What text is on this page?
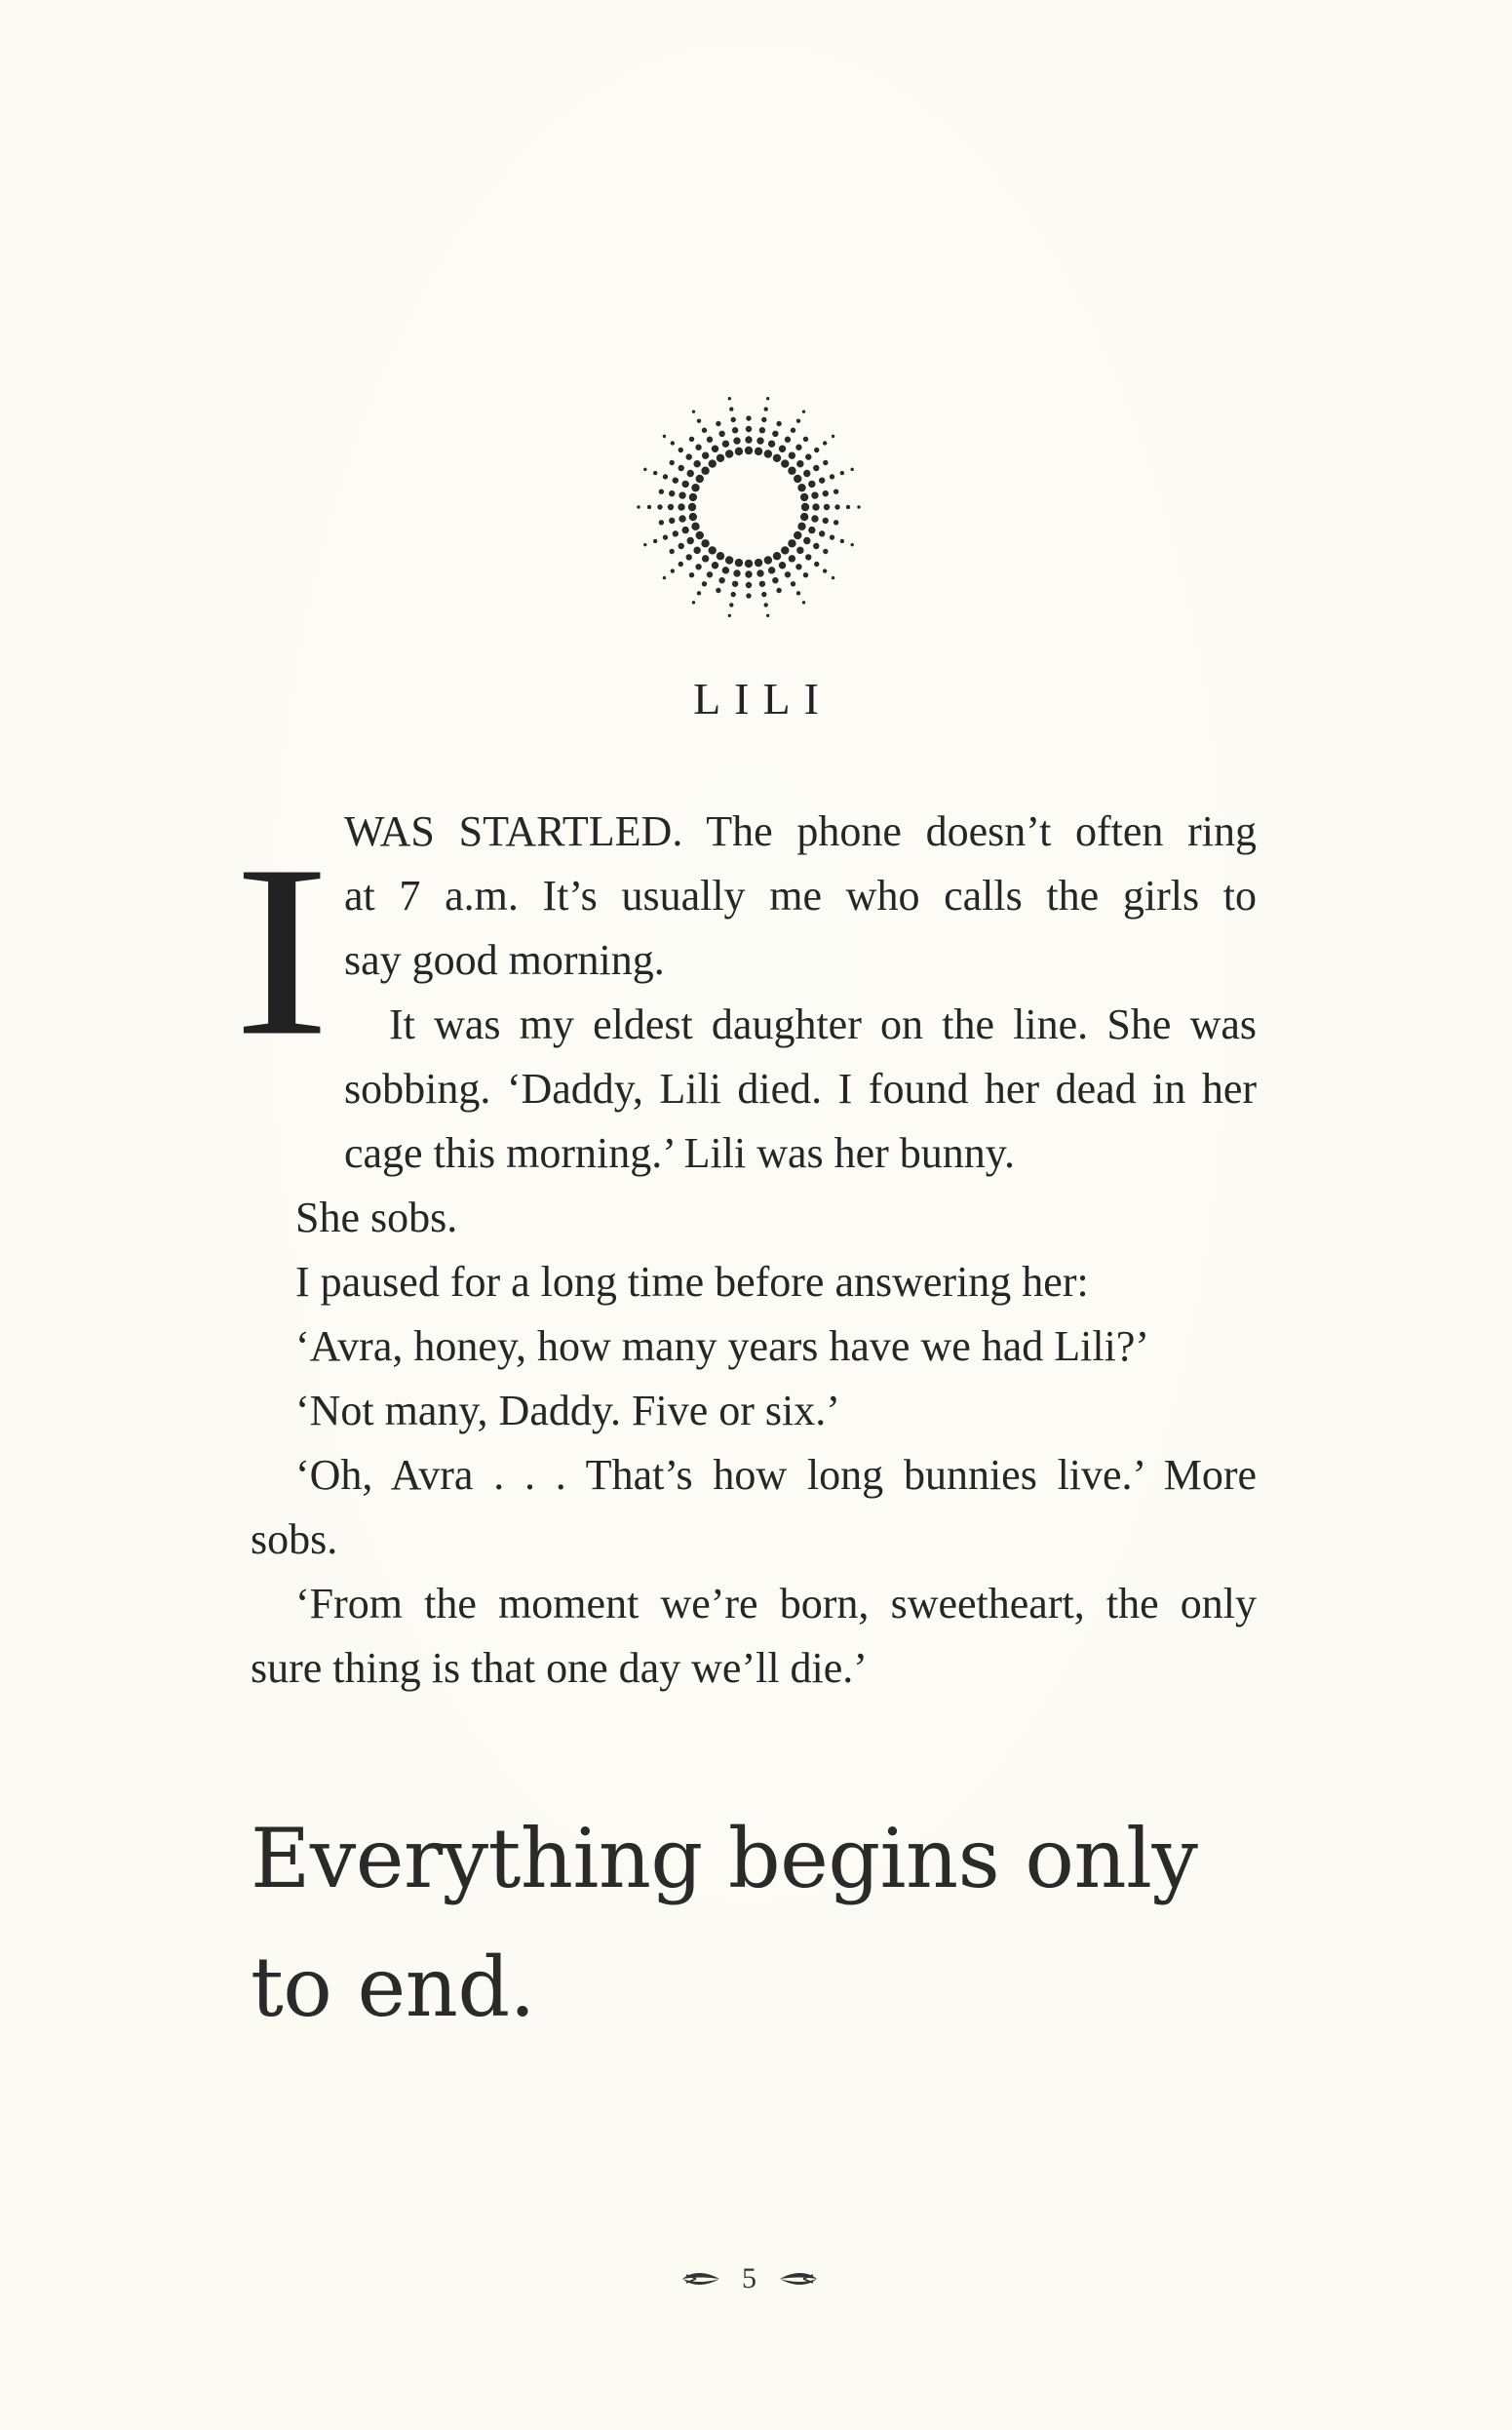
LILI
I WAS STARTLED. The phone doesn’t often ring
at 7 a.m. It’s usually me who calls the girls to
say good morning.

It was my eldest daughter on the line. She was sobbing. ‘Daddy, Lili died. I found her dead in her cage this morning.’ Lili was her bunny.

She sobs.

I paused for a long time before answering her:

‘Avra, honey, how many years have we had Lili?’

‘Not many, Daddy. Five or six.’

‘Oh, Avra . . . That’s how long bunnies live.’ More sobs.

‘From the moment we’re born, sweetheart, the only sure thing is that one day we’ll die.’

Everything begins only to end.
5
